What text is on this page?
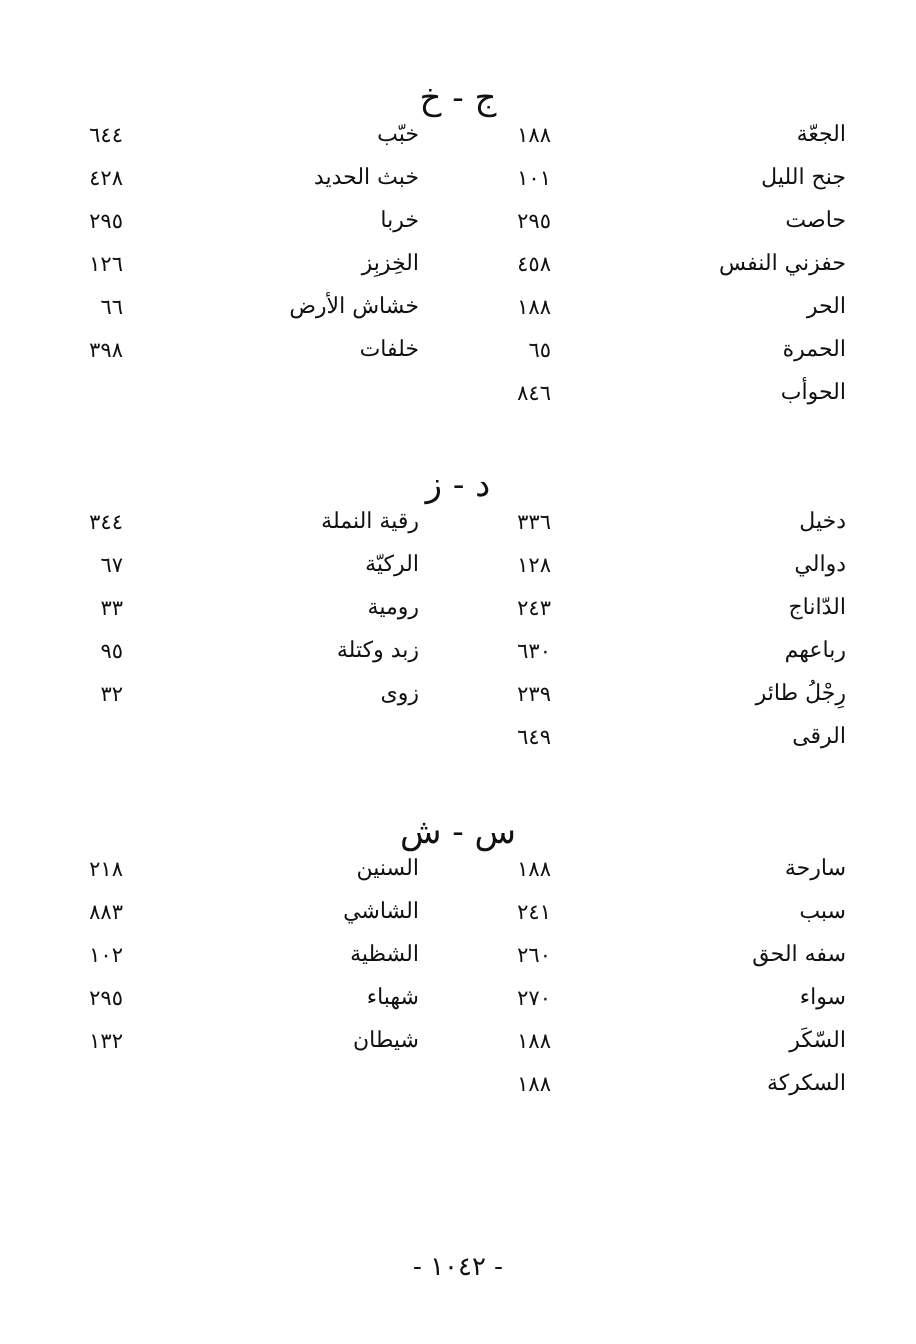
ج - خ
الجعّة
١٨٨
خبّب
٦٤٤
جنح الليل
١٠١
خبث الحديد
٤٢٨
حاصت
٢٩٥
خربا
٢٩٥
حفزني النفس
٤٥٨
الخِزبِز
١٢٦
الحر
١٨٨
خشاش الأرض
٦٦
الحمرة
٦٥
خلفات
٣٩٨
الحوأب
٨٤٦
د - ز
دخيل
٣٣٦
رقية النملة
٣٤٤
دوالي
١٢٨
الركيّة
٦٧
الدّاناج
٢٤٣
رومية
٣٣
رباعهم
٦٣٠
زبد وكتلة
٩٥
رِجْلُ طائر
٢٣٩
زوى
٣٢
الرقى
٦٤٩
س - ش
سارحة
١٨٨
السنين
٢١٨
سبب
٢٤١
الشاشي
٨٨٣
سفه الحق
٢٦٠
الشظية
١٠٢
سواء
٢٧٠
شهباء
٢٩٥
السّكَر
١٨٨
شيطان
١٣٢
السكركة
١٨٨
- ١٠٤٢ -
